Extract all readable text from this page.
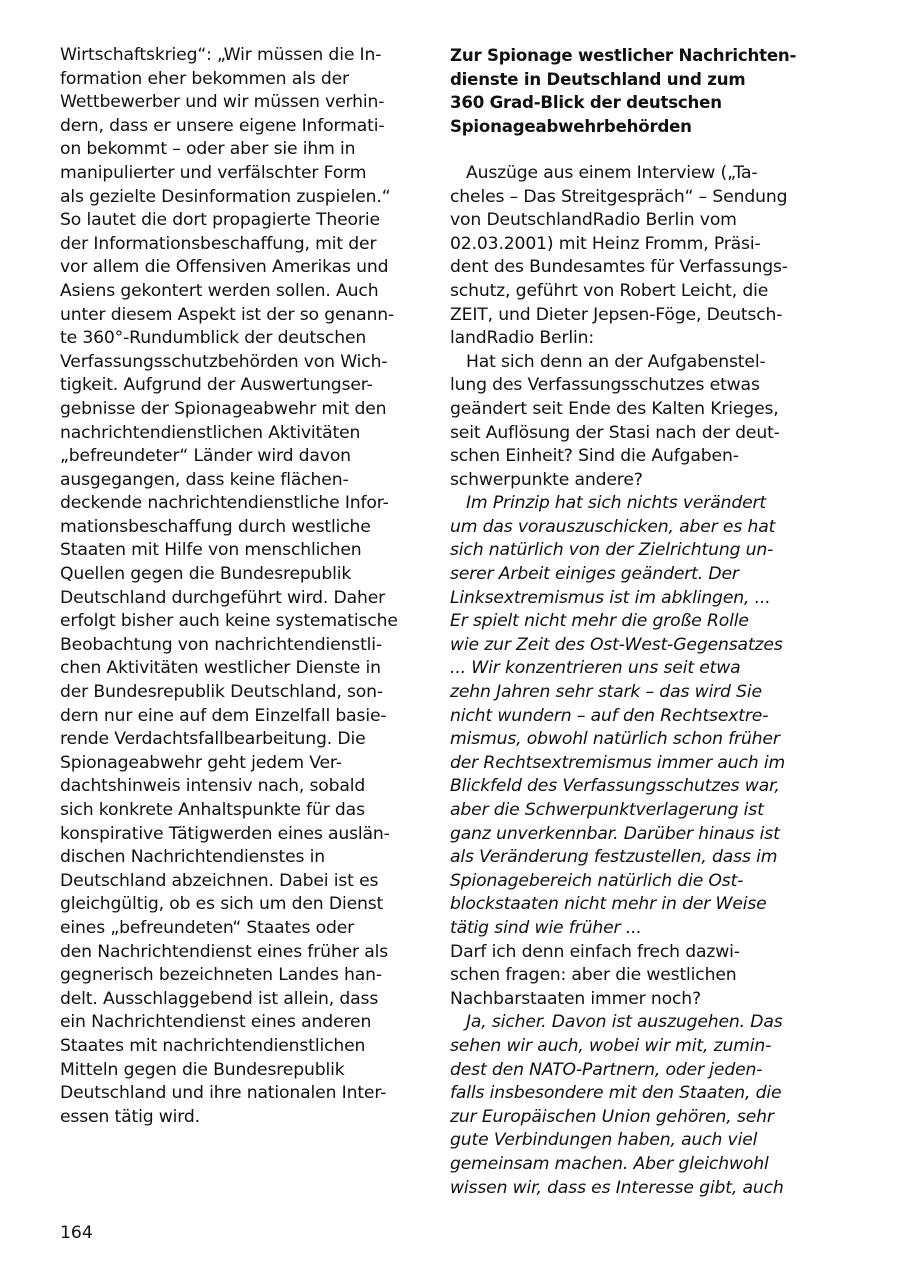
Wirtschaftskrieg“: „Wir müssen die In-
formation eher bekommen als der
Wettbewerber und wir müssen verhin-
dern, dass er unsere eigene Informati-
on bekommt – oder aber sie ihm in
manipulierter und verfälschter Form
als gezielte Desinformation zuspielen.“
So lautet die dort propagierte Theorie
der Informationsbeschaffung, mit der
vor allem die Offensiven Amerikas und
Asiens gekontert werden sollen. Auch
unter diesem Aspekt ist der so genann-
te 360°-Rundumblick der deutschen
Verfassungsschutzbehörden von Wich-
tigkeit. Aufgrund der Auswertungser-
gebnisse der Spionageabwehr mit den
nachrichtendienstlichen Aktivitäten
„befreundeter“ Länder wird davon
ausgegangen, dass keine flächen-
deckende nachrichtendienstliche Infor-
mationsbeschaffung durch westliche
Staaten mit Hilfe von menschlichen
Quellen gegen die Bundesrepublik
Deutschland durchgeführt wird. Daher
erfolgt bisher auch keine systematische
Beobachtung von nachrichtendienstli-
chen Aktivitäten westlicher Dienste in
der Bundesrepublik Deutschland, son-
dern nur eine auf dem Einzelfall basie-
rende Verdachtsfallbearbeitung. Die
Spionageabwehr geht jedem Ver-
dachtshinweis intensiv nach, sobald
sich konkrete Anhaltspunkte für das
konspirative Tätigwerden eines auslän-
dischen Nachrichtendienstes in
Deutschland abzeichnen. Dabei ist es
gleichgültig, ob es sich um den Dienst
eines „befreundeten“ Staates oder
den Nachrichtendienst eines früher als
gegnerisch bezeichneten Landes han-
delt. Ausschlaggebend ist allein, dass
ein Nachrichtendienst eines anderen
Staates mit nachrichtendienstlichen
Mitteln gegen die Bundesrepublik
Deutschland und ihre nationalen Inter-
essen tätig wird.
Zur Spionage westlicher Nachrichten-
dienste in Deutschland und zum
360 Grad-Blick der deutschen
Spionageabwehrbehörden
Auszüge aus einem Interview („Ta-
cheles – Das Streitgespräch“ – Sendung
von DeutschlandRadio Berlin vom
02.03.2001) mit Heinz Fromm, Präsi-
dent des Bundesamtes für Verfassungs-
schutz, geführt von Robert Leicht, die
ZEIT, und Dieter Jepsen-Föge, Deutsch-
landRadio Berlin:
Hat sich denn an der Aufgabenstel-
lung des Verfassungsschutzes etwas
geändert seit Ende des Kalten Krieges,
seit Auflösung der Stasi nach der deut-
schen Einheit? Sind die Aufgaben-
schwerpunkte andere?
Im Prinzip hat sich nichts verändert
um das vorauszuschicken, aber es hat
sich natürlich von der Zielrichtung un-
serer Arbeit einiges geändert. Der
Linksextremismus ist im abklingen, ...
Er spielt nicht mehr die große Rolle
wie zur Zeit des Ost-West-Gegensatzes
... Wir konzentrieren uns seit etwa
zehn Jahren sehr stark – das wird Sie
nicht wundern – auf den Rechtsextre-
mismus, obwohl natürlich schon früher
der Rechtsextremismus immer auch im
Blickfeld des Verfassungsschutzes war,
aber die Schwerpunktverlagerung ist
ganz unverkennbar. Darüber hinaus ist
als Veränderung festzustellen, dass im
Spionagebereich natürlich die Ost-
blockstaaten nicht mehr in der Weise
tätig sind wie früher ...
Darf ich denn einfach frech dazwi-
schen fragen: aber die westlichen
Nachbarstaaten immer noch?
Ja, sicher. Davon ist auszugehen. Das
sehen wir auch, wobei wir mit, zumin-
dest den NATO-Partnern, oder jeden-
falls insbesondere mit den Staaten, die
zur Europäischen Union gehören, sehr
gute Verbindungen haben, auch viel
gemeinsam machen. Aber gleichwohl
wissen wir, dass es Interesse gibt, auch
164
